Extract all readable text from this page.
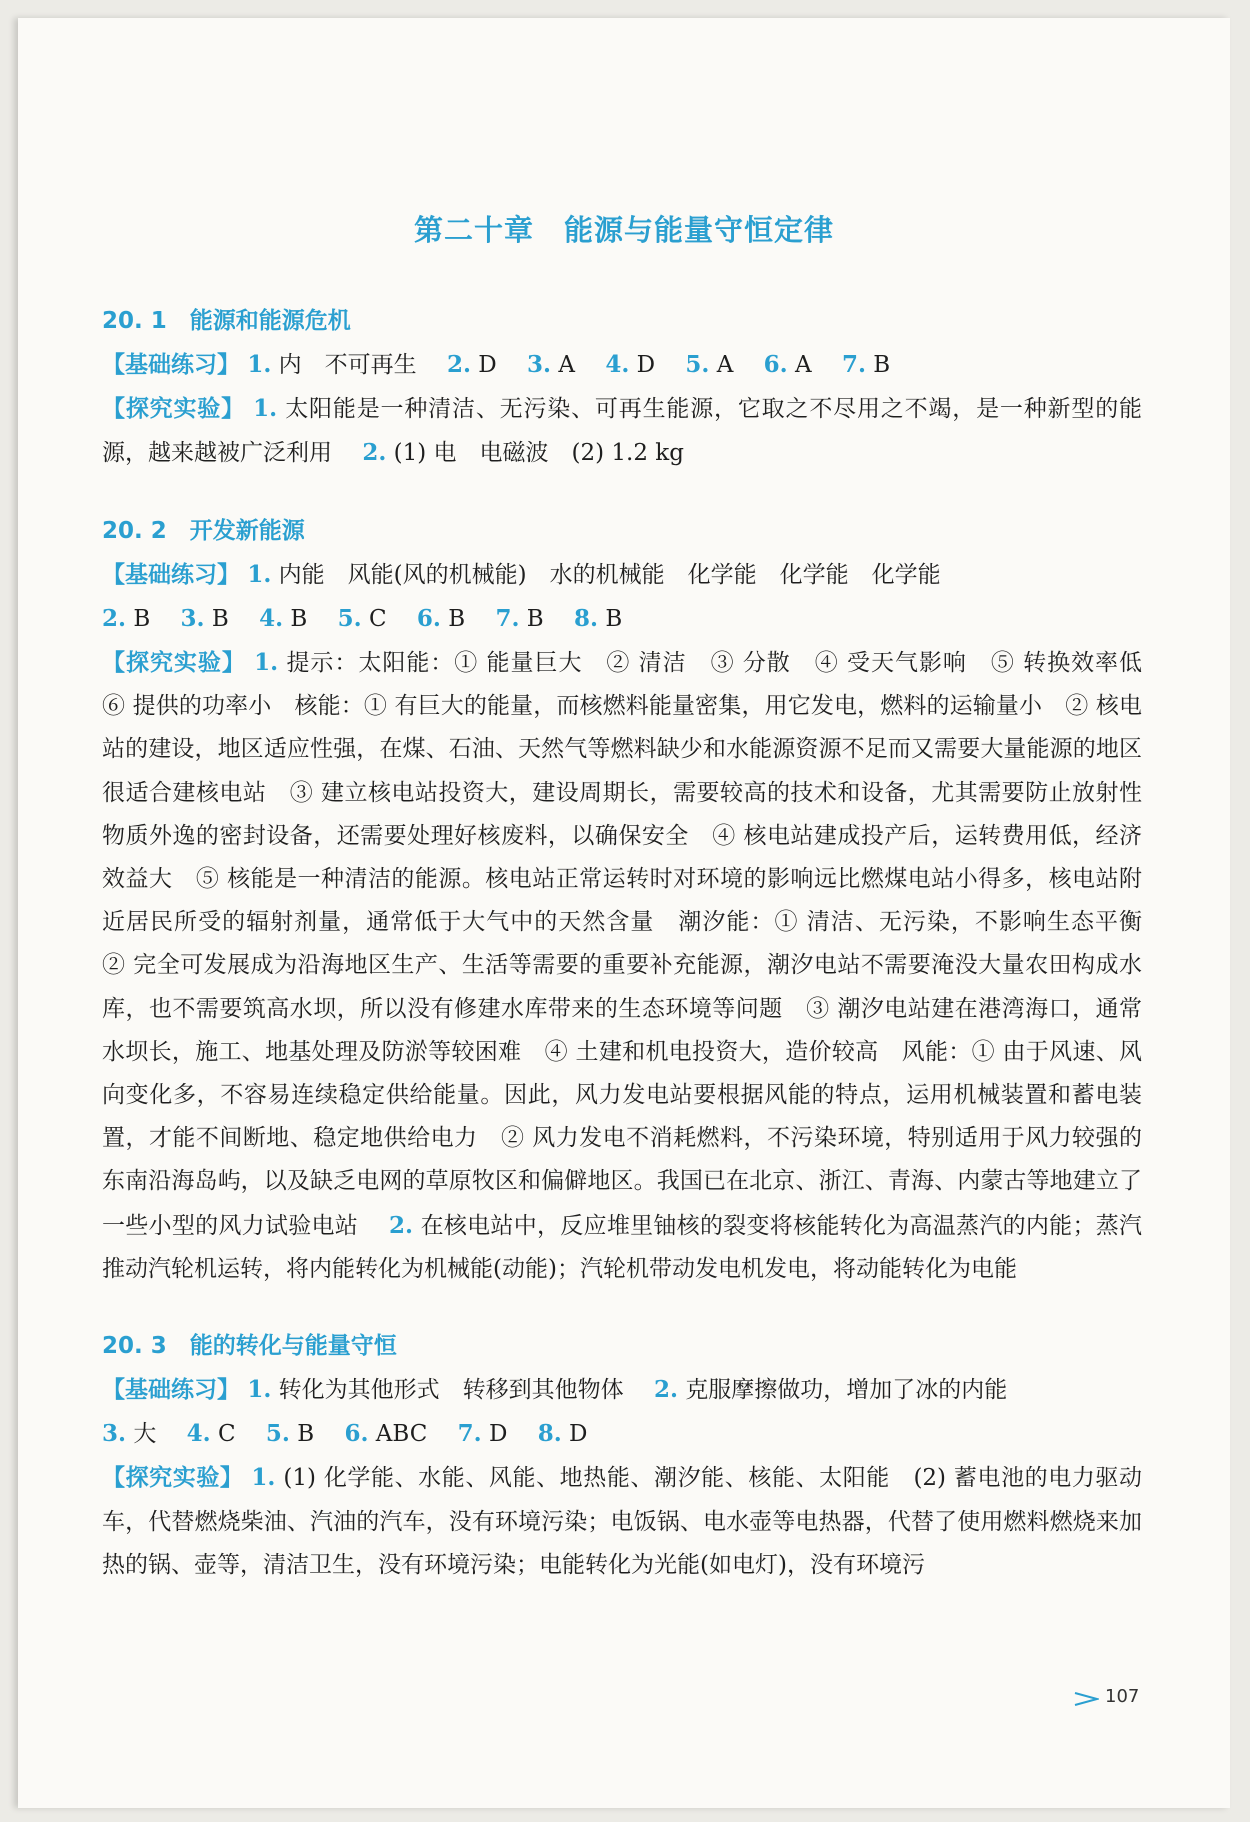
第二十章　能源与能量守恒定律
20. 1　能源和能源危机

【基础练习】 1. 内　不可再生　 2. D　 3. A　 4. D　 5. A　 6. A　 7. B

【探究实验】 1. 太阳能是一种清洁、无污染、可再生能源，它取之不尽用之不竭，是一种新型的能源，越来越被广泛利用　 2. (1) 电　电磁波　(2) 1.2 kg

20. 2　开发新能源

【基础练习】 1. 内能　风能(风的机械能)　水的机械能　化学能　化学能　化学能
2. B　 3. B　 4. B　 5. C　 6. B　 7. B　 8. B

【探究实验】 1. 提示：太阳能：① 能量巨大　② 清洁　③ 分散　④ 受天气影响　⑤ 转换效率低　⑥ 提供的功率小　核能：① 有巨大的能量，而核燃料能量密集，用它发电，燃料的运输量小　② 核电站的建设，地区适应性强，在煤、石油、天然气等燃料缺少和水能源资源不足而又需要大量能源的地区很适合建核电站　③ 建立核电站投资大，建设周期长，需要较高的技术和设备，尤其需要防止放射性物质外逸的密封设备，还需要处理好核废料，以确保安全　④ 核电站建成投产后，运转费用低，经济效益大　⑤ 核能是一种清洁的能源。核电站正常运转时对环境的影响远比燃煤电站小得多，核电站附近居民所受的辐射剂量，通常低于大气中的天然含量　潮汐能：① 清洁、无污染，不影响生态平衡　② 完全可发展成为沿海地区生产、生活等需要的重要补充能源，潮汐电站不需要淹没大量农田构成水库，也不需要筑高水坝，所以没有修建水库带来的生态环境等问题　③ 潮汐电站建在港湾海口，通常水坝长，施工、地基处理及防淤等较困难　④ 土建和机电投资大，造价较高　风能：① 由于风速、风向变化多，不容易连续稳定供给能量。因此，风力发电站要根据风能的特点，运用机械装置和蓄电装置，才能不间断地、稳定地供给电力　② 风力发电不消耗燃料，不污染环境，特别适用于风力较强的东南沿海岛屿，以及缺乏电网的草原牧区和偏僻地区。我国已在北京、浙江、青海、内蒙古等地建立了一些小型的风力试验电站　 2. 在核电站中，反应堆里铀核的裂变将核能转化为高温蒸汽的内能；蒸汽推动汽轮机运转，将内能转化为机械能(动能)；汽轮机带动发电机发电，将动能转化为电能

20. 3　能的转化与能量守恒

【基础练习】 1. 转化为其他形式　转移到其他物体　 2. 克服摩擦做功，增加了冰的内能
3. 大　 4. C　 5. B　 6. ABC　 7. D　 8. D

【探究实验】 1. (1) 化学能、水能、风能、地热能、潮汐能、核能、太阳能　(2) 蓄电池的电力驱动车，代替燃烧柴油、汽油的汽车，没有环境污染；电饭锅、电水壶等电热器，代替了使用燃料燃烧来加热的锅、壶等，清洁卫生，没有环境污染；电能转化为光能(如电灯)，没有环境污

107
